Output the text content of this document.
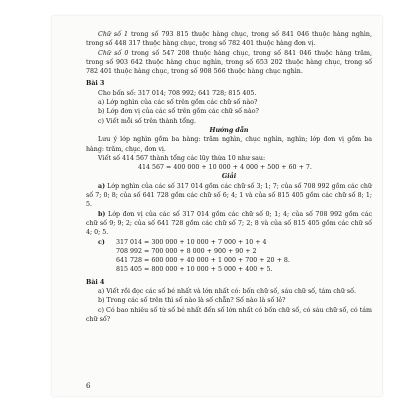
Chữ số 1 trong số 793 815 thuộc hàng chục, trong số 841 046 thuộc hàng nghìn, trong số 448 317 thuộc hàng chục, trong số 782 401 thuộc hàng đơn vị.

Chữ số 0 trong số 547 208 thuộc hàng chục, trong số 841 046 thuộc hàng trăm, trong số 903 642 thuộc hàng chục nghìn, trong số 653 202 thuộc hàng chục, trong số 782 401 thuộc hàng chục, trong số 908 566 thuộc hàng chục nghìn.

Bài 3

Cho bốn số: 317 014; 708 992; 641 728; 815 405.

a) Lớp nghìn của các số trên gồm các chữ số nào?
b) Lớp đơn vị của các số trên gồm các chữ số nào?
c) Viết mỗi số trên thành tổng.

Hướng dẫn

Lưu ý lớp nghìn gồm ba hàng: trăm nghìn, chục nghìn, nghìn; lớp đơn vị gồm ba hàng: trăm, chục, đơn vị.

Viết số 414 567 thành tổng các lũy thừa 10 như sau:

414 567 = 400 000 + 10 000 + 4 000 + 500 + 60 + 7.

Giải

a) Lớp nghìn của các số 317 014 gồm các chữ số 3; 1; 7; của số 708 992 gồm các chữ số 7; 0; 8; của số 641 728 gồm các chữ số 6; 4; 1 và của số 815 405 gồm các chữ số 8; 1; 5.

b) Lớp đơn vị của các số 317 014 gồm các chữ số 0; 1; 4; của số 708 992 gồm các chữ số 9; 9; 2; của số 641 728 gồm các chữ số 7; 2; 8 và của số 815 405 gồm các chữ số 4; 0; 5.

c)	317 014 = 300 000 + 10 000 + 7 000 + 10 + 4
708 992 = 700 000 + 8 000 + 900 + 90 + 2
641 728 = 600 000 + 40 000 + 1 000 + 700 + 20 + 8.
815 405 = 800 000 + 10 000 + 5 000 + 400 + 5.

Bài 4

a) Viết rồi đọc các số bé nhất và lớn nhất có: bốn chữ số, sáu chữ số, tám chữ số.

b) Trong các số trên thì số nào là số chẵn? Số nào là số lẻ?

c) Có bao nhiêu số từ số bé nhất đến số lớn nhất có bốn chữ số, có sáu chữ số, có tám chữ số?

6
